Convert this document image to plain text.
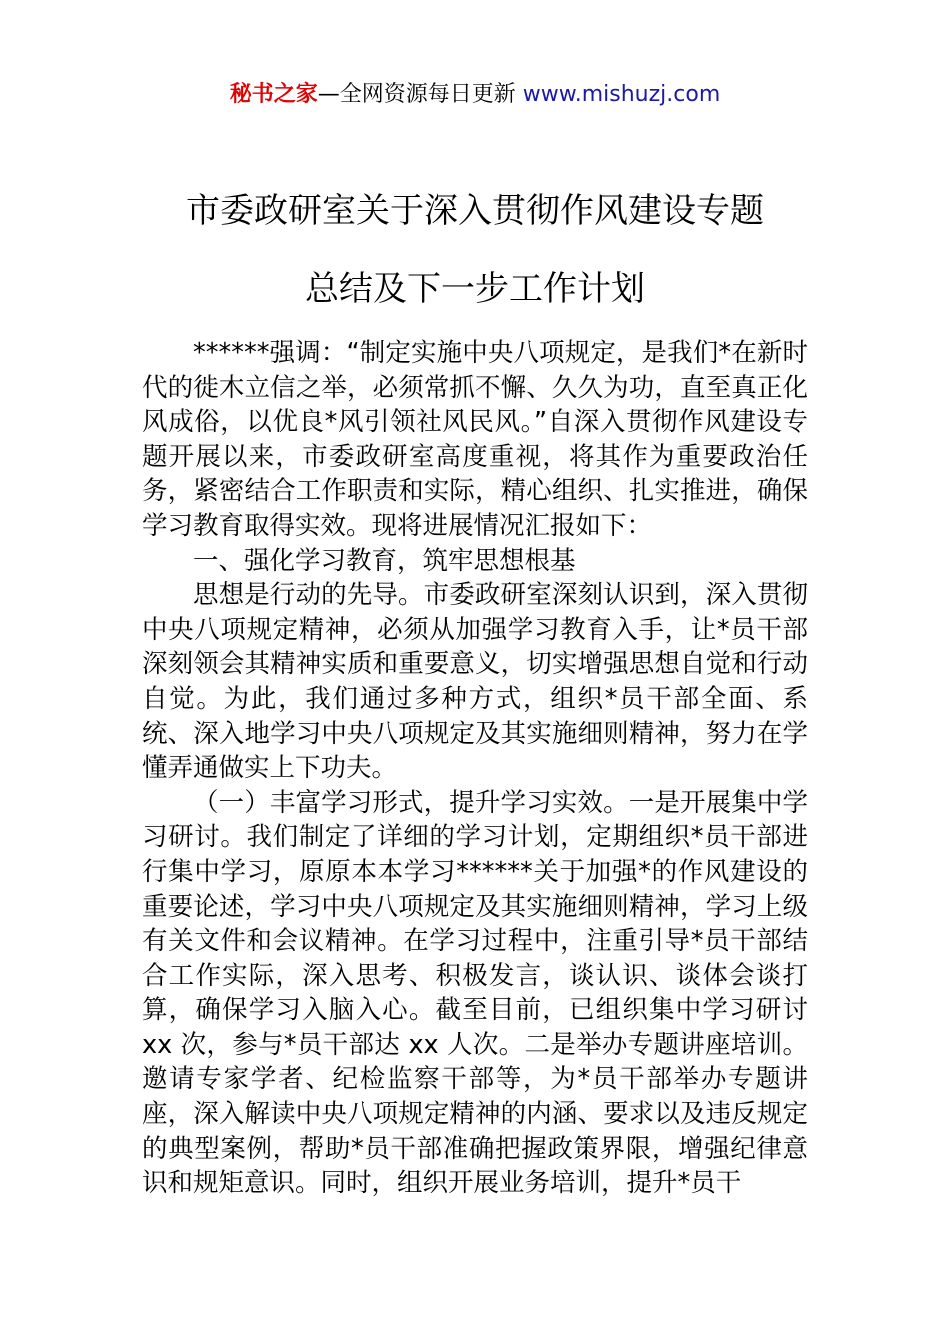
秘书之家—全网资源每日更新 www.mishuzj.com
市委政研室关于深入贯彻作风建设专题
总结及下一步工作计划

******强调：“制定实施中央八项规定，是我们*在新时代的徙木立信之举，必须常抓不懈、久久为功，直至真正化风成俗，以优良*风引领社风民风。”自深入贯彻作风建设专题开展以来，市委政研室高度重视，将其作为重要政治任务，紧密结合工作职责和实际，精心组织、扎实推进，确保学习教育取得实效。现将进展情况汇报如下：

一、强化学习教育，筑牢思想根基

思想是行动的先导。市委政研室深刻认识到，深入贯彻中央八项规定精神，必须从加强学习教育入手，让*员干部深刻领会其精神实质和重要意义，切实增强思想自觉和行动自觉。为此，我们通过多种方式，组织*员干部全面、系统、深入地学习中央八项规定及其实施细则精神，努力在学懂弄通做实上下功夫。

（一）丰富学习形式，提升学习实效。一是开展集中学习研讨。我们制定了详细的学习计划，定期组织*员干部进行集中学习，原原本本学习******关于加强*的作风建设的重要论述，学习中央八项规定及其实施细则精神，学习上级有关文件和会议精神。在学习过程中，注重引导*员干部结合工作实际，深入思考、积极发言，谈认识、谈体会谈打算，确保学习入脑入心。截至目前，已组织集中学习研讨 xx 次，参与*员干部达 xx 人次。二是举办专题讲座培训。邀请专家学者、纪检监察干部等，为*员干部举办专题讲座，深入解读中央八项规定精神的内涵、要求以及违反规定的典型案例，帮助*员干部准确把握政策界限，增强纪律意识和规矩意识。同时，组织开展业务培训，提升*员干
